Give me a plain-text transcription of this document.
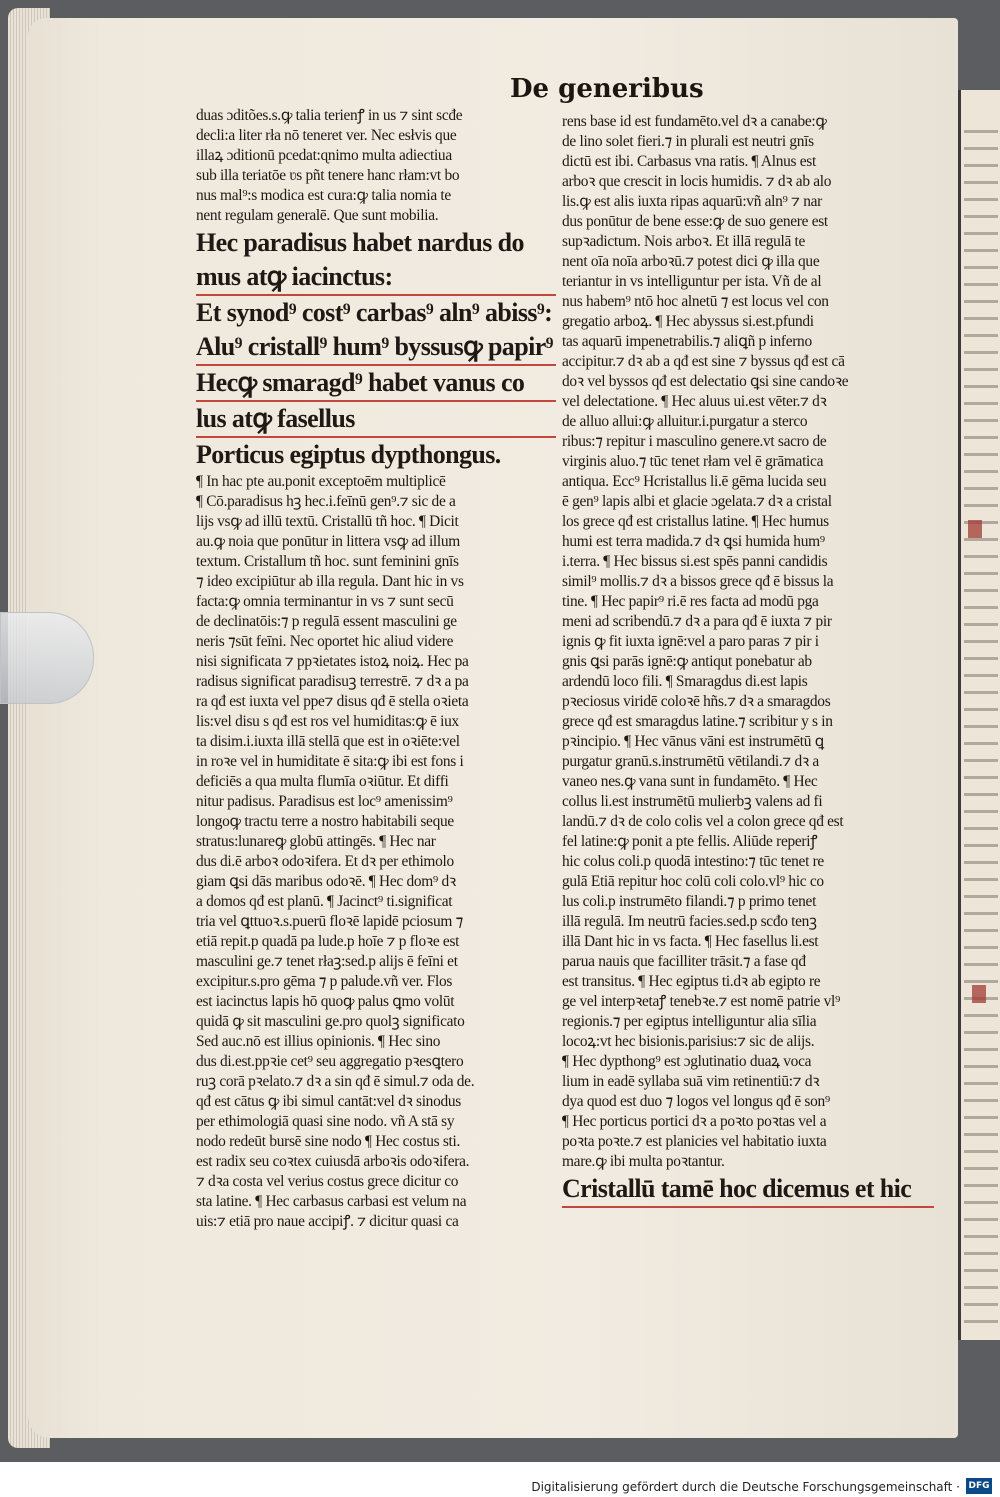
De generibus
duas ɔditões.s.ꝙ talia terienꝭ in us ⁊ sint scđe
decli:a liter rła nō teneret ver. Nec esłvis que
illaꝝ ɔditionū pcedat:ɋnimo multa adiectiua
sub illa teriatōe ʋs pñt tenere hanc rłam:vt bo
nus mal⁹:s modica est cura:ꝙ talia nomia te
nent regulam generalē. Que sunt mobilia.
Hec paradisus habet nardus do
mus atꝙ iacinctus:
Et synod⁹ cost⁹ carbas⁹ aln⁹ abiss⁹:
Alu⁹ cristall⁹ hum⁹ byssusꝙ papir⁹
Hecꝙ smaragd⁹ habet vanus co
lus atꝙ fasellus
Porticus egiptus dypthongus.
¶ In hac pte au.ponit exceptoēm multiplicē
¶ Cō.paradisus hꝫ hec.i.feīnū gen⁹.⁊ sic de a
lijs vsꝙ ad illū textū. Cristallū tñ hoc. ¶ Dicit
au.ꝙ noia que ponūtur in littera vsꝙ ad illum
textum. Cristallum tñ hoc. sunt feminini gnīs
⁊ ideo excipiūtur ab illa regula. Dant hic in vs
facta:ꝙ omnia terminantur in vs ⁊ sunt secū
de declinatōis:⁊ p regulā essent masculini ge
neris ⁊sūt feīni. Nec oportet hic aliud videre
nisi significata ⁊ ppꝛietates istoꝝ noiꝝ. Hec pa
radisus significat paradisuꝫ terrestrē. ⁊ dꝛ a pa
ra qđ est iuxta vel ppe⁊ disus qđ ē stella oꝛieta
lis:vel disu s qđ est ros vel humiditas:ꝙ ē iux
ta disim.i.iuxta illā stellā que est in oꝛiēte:vel
in roꝛe vel in humiditate ē sita:ꝙ ibi est fons i
deficiēs a qua multa flumīa oꝛiūtur. Et diffi
nitur padisus. Paradisus est loc⁹ amenissim⁹
longoꝙ tractu terre a nostro habitabili seque
stratus:lunareꝙ globū attingēs. ¶ Hec nar
dus di.ē arboꝛ odoꝛifera. Et dꝛ per ethimolo
giam ꝗsi dās maribus odoꝛē. ¶ Hec dom⁹ dꝛ
a domos qđ est planū. ¶ Jacinct⁹ ti.significat
tria vel ꝗttuoꝛ.s.puerū floꝛē lapidē pciosum ⁊
etiā repit.p quadā pa lude.p hoīe ⁊ p floꝛe est
masculini ge.⁊ tenet rłaꝫ:sed.p alijs ē feīni et
excipitur.s.pro gēma ⁊ p palude.vñ ver. Flos
est iacinctus lapis hō quoꝙ palus ꝗmo volūt
quidā ꝙ sit masculini ge.pro quolꝫ significato
Sed auc.nō est illius opinionis. ¶ Hec sino
dus di.est.ppꝛie cet⁹ seu aggregatio pꝛesꝗtero
ruꝫ corā pꝛelato.⁊ dꝛ a sin qđ ē simul.⁊ oda de.
qđ est cātus ꝙ ibi simul cantāt:vel dꝛ sinodus
per ethimologiā quasi sine nodo. vñ A stā sy
nodo redeūt bursē sine nodo ¶ Hec costus sti.
est radix seu coꝛtex cuiusdā arboꝛis odoꝛifera.
⁊ dꝛa costa vel verius costus grece dicitur co
sta latine. ¶ Hec carbasus carbasi est velum na
uis:⁊ etiā pro naue accipiꝭ. ⁊ dicitur quasi ca
rens base id est fundamēto.vel dꝛ a canabe:ꝙ
de lino solet fieri.⁊ in plurali est neutri gnīs
dictū est ibi. Carbasus vna ratis. ¶ Alnus est
arboꝛ que crescit in locis humidis. ⁊ dꝛ ab alo
lis.ꝙ est alis iuxta ripas aquarū:vñ aln⁹ ⁊ nar
dus ponūtur de bene esse:ꝙ de suo genere est
supꝛadictum. Nois arboꝛ. Et illā regulā te
nent oīa noīa arboꝛū.⁊ potest dici ꝙ illa que
teriantur in vs intelliguntur per ista. Vñ de al
nus habem⁹ ntō hoc alnetū ⁊ est locus vel con
gregatio arboꝝ. ¶ Hec abyssus si.est.pfundi
tas aquarū impenetrabilis.⁊ aliꝗñ p inferno
accipitur.⁊ dꝛ ab a qđ est sine ⁊ byssus qđ est cā
doꝛ vel byssos qđ est delectatio ꝗsi sine candoꝛe
vel delectatione. ¶ Hec aluus ui.est vēter.⁊ dꝛ
de alluo allui:ꝙ alluitur.i.purgatur a sterco
ribus:⁊ repitur i masculino genere.vt sacro de
virginis aluo.⁊ tūc tenet rłam vel ē grāmatica
antiqua. Ecc⁹ Hcristallus li.ē gēma lucida seu
ē gen⁹ lapis albi et glacie ɔgelata.⁊ dꝛ a cristal
los grece qđ est cristallus latine. ¶ Hec humus
humi est terra madida.⁊ dꝛ ꝗsi humida hum⁹
i.terra. ¶ Hec bissus si.est spēs panni candidis
simil⁹ mollis.⁊ dꝛ a bissos grece qđ ē bissus la
tine. ¶ Hec papir⁹ ri.ē res facta ad modū pga
meni ad scribendū.⁊ dꝛ a para qđ ē iuxta ⁊ pir
ignis ꝙ fit iuxta ignē:vel a paro paras ⁊ pir i
gnis ꝗsi parās ignē:ꝙ antiqut ponebatur ab
ardendū loco fili. ¶ Smaragdus di.est lapis
pꝛeciosus viridē coloꝛē hñs.⁊ dꝛ a smaragdos
grece qđ est smaragdus latine.⁊ scribitur y s in
pꝛincipio. ¶ Hec vānus vāni est instrumētū ꝗ
purgatur granū.s.instrumētū vētilandi.⁊ dꝛ a
vaneo nes.ꝙ vana sunt in fundamēto. ¶ Hec
collus li.est instrumētū mulierbꝫ valens ad fi
landū.⁊ dꝛ de colo colis vel a colon grece qđ est
fel latine:ꝙ ponit a pte fellis. Aliūde reperiꝭ
hic colus coli.p quodā intestino:⁊ tūc tenet re
gulā Etiā repitur hoc colū coli colo.vl⁹ hic co
lus coli.p instrumēto filandi.⁊ p primo tenet
illā regulā. Im neutrū facies.sed.p scđo tenꝫ
illā Dant hic in vs facta. ¶ Hec fasellus li.est
parua nauis que facilliter trāsit.⁊ a fase qđ
est transitus. ¶ Hec egiptus ti.dꝛ ab egipto re
ge vel interpꝛetaꝭ tenebꝛe.⁊ est nomē patrie vl⁹
regionis.⁊ per egiptus intelliguntur alia sīlia
locoꝝ:vt hec bisionis.parisius:⁊ sic de alijs.
¶ Hec dypthong⁹ est ɔglutinatio duaꝝ voca
lium in eadē syllaba suā vim retinentiū:⁊ dꝛ
dya quod est duo ⁊ logos vel longus qđ ē son⁹
¶ Hec porticus portici dꝛ a poꝛto poꝛtas vel a
poꝛta poꝛte.⁊ est planicies vel habitatio iuxta
mare.ꝙ ibi multa poꝛtantur.
Cristallū tamē hoc dicemus et hic
Digitalisierung gefördert durch die Deutsche Forschungsgemeinschaft · DFG
